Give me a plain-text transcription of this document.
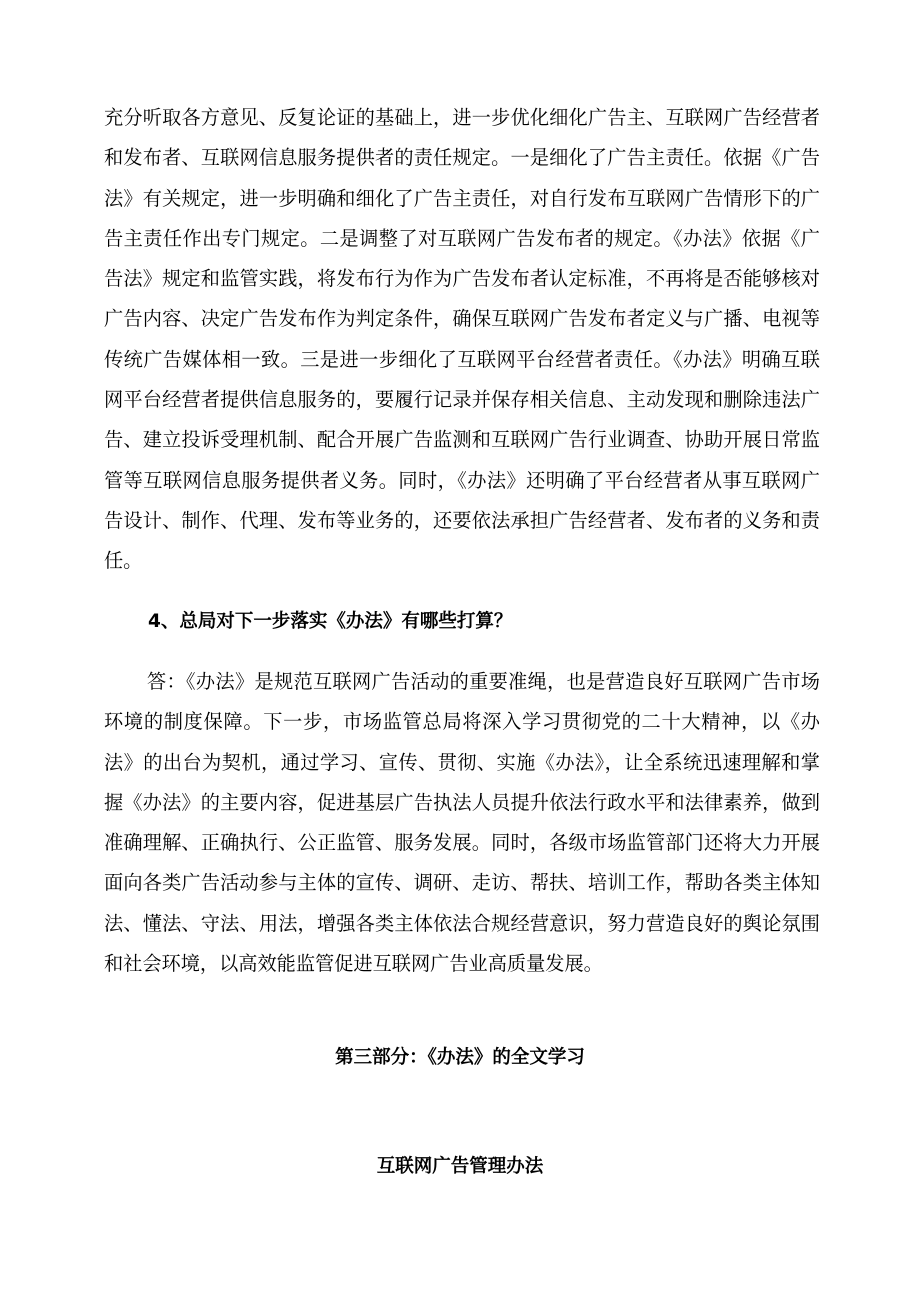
充分听取各方意见、反复论证的基础上，进一步优化细化广告主、互联网广告经营者和发布者、互联网信息服务提供者的责任规定。一是细化了广告主责任。依据《广告法》有关规定，进一步明确和细化了广告主责任，对自行发布互联网广告情形下的广告主责任作出专门规定。二是调整了对互联网广告发布者的规定。《办法》依据《广告法》规定和监管实践，将发布行为作为广告发布者认定标准，不再将是否能够核对广告内容、决定广告发布作为判定条件，确保互联网广告发布者定义与广播、电视等传统广告媒体相一致。三是进一步细化了互联网平台经营者责任。《办法》明确互联网平台经营者提供信息服务的，要履行记录并保存相关信息、主动发现和删除违法广告、建立投诉受理机制、配合开展广告监测和互联网广告行业调查、协助开展日常监管等互联网信息服务提供者义务。同时，《办法》还明确了平台经营者从事互联网广告设计、制作、代理、发布等业务的，还要依法承担广告经营者、发布者的义务和责任。

4、总局对下一步落实《办法》有哪些打算？

答：《办法》是规范互联网广告活动的重要准绳，也是营造良好互联网广告市场环境的制度保障。下一步，市场监管总局将深入学习贯彻党的二十大精神，以《办法》的出台为契机，通过学习、宣传、贯彻、实施《办法》，让全系统迅速理解和掌握《办法》的主要内容，促进基层广告执法人员提升依法行政水平和法律素养，做到准确理解、正确执行、公正监管、服务发展。同时，各级市场监管部门还将大力开展面向各类广告活动参与主体的宣传、调研、走访、帮扶、培训工作，帮助各类主体知法、懂法、守法、用法，增强各类主体依法合规经营意识，努力营造良好的舆论氛围和社会环境，以高效能监管促进互联网广告业高质量发展。

第三部分：《办法》的全文学习
互联网广告管理办法
